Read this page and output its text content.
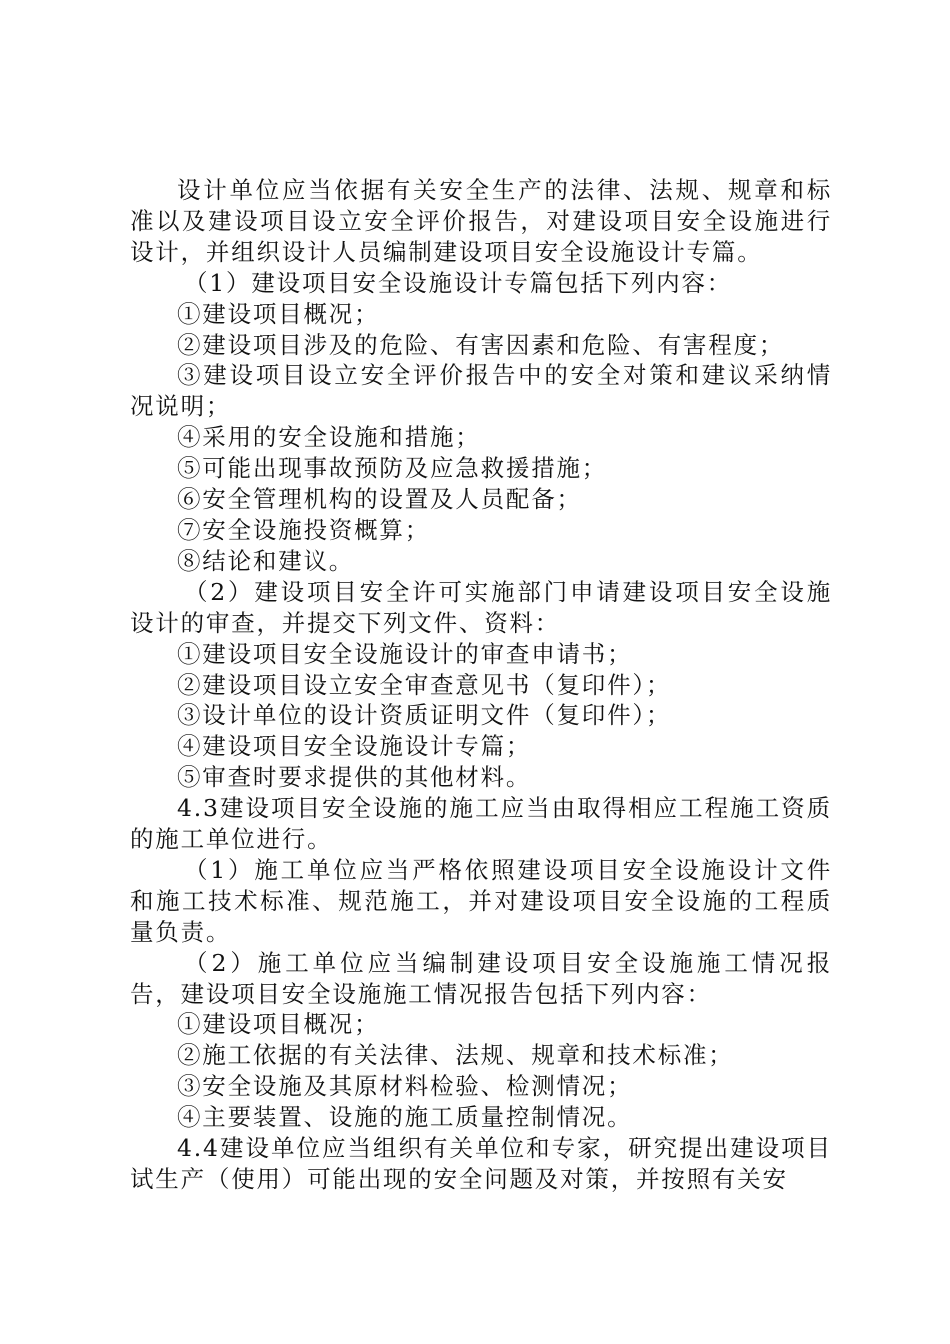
设计单位应当依据有关安全生产的法律、法规、规章和标准以及建设项目设立安全评价报告，对建设项目安全设施进行设计，并组织设计人员编制建设项目安全设施设计专篇。

（1）建设项目安全设施设计专篇包括下列内容：

①建设项目概况；

②建设项目涉及的危险、有害因素和危险、有害程度；

③建设项目设立安全评价报告中的安全对策和建议采纳情况说明；

④采用的安全设施和措施；

⑤可能出现事故预防及应急救援措施；

⑥安全管理机构的设置及人员配备；

⑦安全设施投资概算；

⑧结论和建议。

（2）建设项目安全许可实施部门申请建设项目安全设施设计的审查，并提交下列文件、资料：

①建设项目安全设施设计的审查申请书；

②建设项目设立安全审查意见书（复印件）；

③设计单位的设计资质证明文件（复印件）；

④建设项目安全设施设计专篇；

⑤审查时要求提供的其他材料。

4.3建设项目安全设施的施工应当由取得相应工程施工资质的施工单位进行。

（1）施工单位应当严格依照建设项目安全设施设计文件和施工技术标准、规范施工，并对建设项目安全设施的工程质量负责。

（2）施工单位应当编制建设项目安全设施施工情况报告，建设项目安全设施施工情况报告包括下列内容：

①建设项目概况；

②施工依据的有关法律、法规、规章和技术标准；

③安全设施及其原材料检验、检测情况；

④主要装置、设施的施工质量控制情况。

4.4建设单位应当组织有关单位和专家，研究提出建设项目试生产（使用）可能出现的安全问题及对策，并按照有关安
